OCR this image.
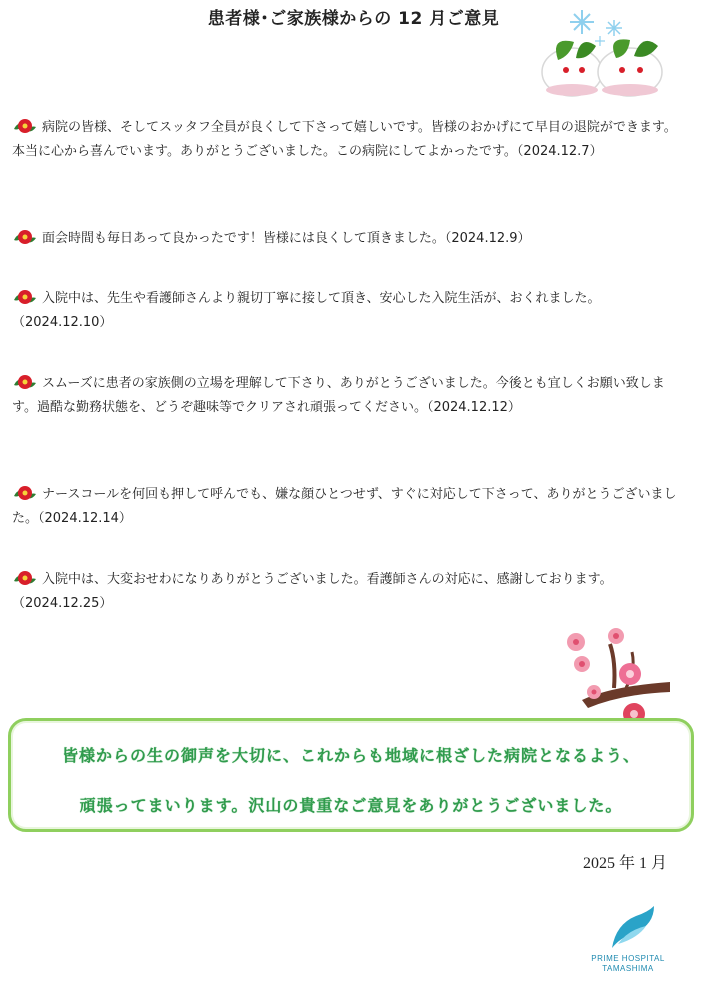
患者様･ご家族様からの 12 月ご意見
病院の皆様、そしてスッタフ全員が良くして下さって嬉しいです。皆様のおかげにて早目の退院ができます。本当に心から喜んでいます。ありがとうございました。この病院にしてよかったです。（2024.12.7）
面会時間も毎日あって良かったです！皆様には良くして頂きました。（2024.12.9）
入院中は、先生や看護師さんより親切丁寧に接して頂き、安心した入院生活が、おくれました。（2024.12.10）
スムーズに患者の家族側の立場を理解して下さり、ありがとうございました。今後とも宜しくお願い致します。過酷な勤務状態を、どうぞ趣味等でクリアされ頑張ってください。（2024.12.12）
ナースコールを何回も押して呼んでも、嫌な顔ひとつせず、すぐに対応して下さって、ありがとうございました。（2024.12.14）
入院中は、大変おせわになりありがとうございました。看護師さんの対応に、感謝しております。（2024.12.25）
皆様からの生の御声を大切に、これからも地域に根ざした病院となるよう、
頑張ってまいります。沢山の貴重なご意見をありがとうございました。
2025 年 1 月
PRIME HOSPITAL
TAMASHIMA
